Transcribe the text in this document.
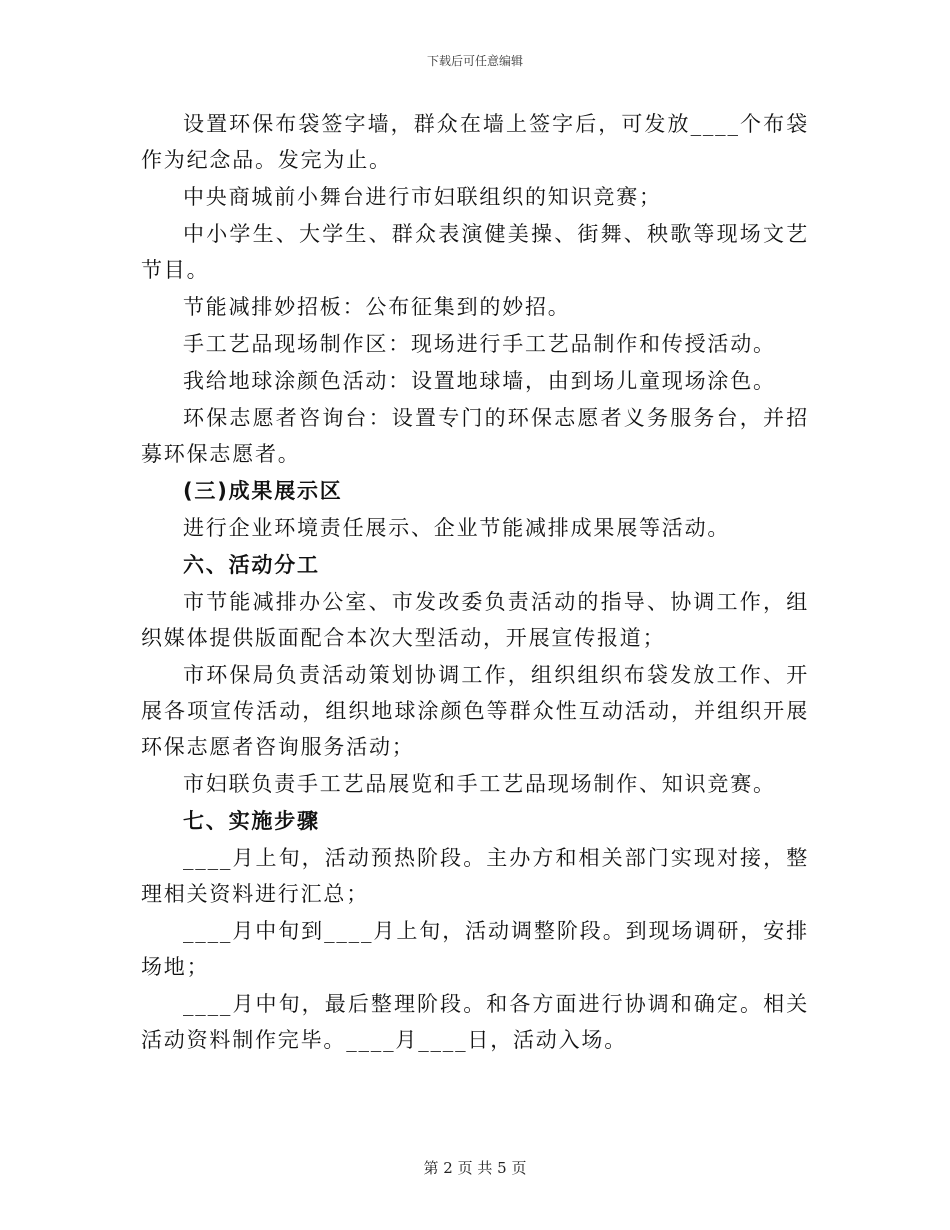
下载后可任意编辑

设置环保布袋签字墙，群众在墙上签字后，可发放____个布袋作为纪念品。发完为止。

中央商城前小舞台进行市妇联组织的知识竞赛；

中小学生、大学生、群众表演健美操、街舞、秧歌等现场文艺节目。

节能减排妙招板：公布征集到的妙招。

手工艺品现场制作区：现场进行手工艺品制作和传授活动。

我给地球涂颜色活动：设置地球墙，由到场儿童现场涂色。

环保志愿者咨询台：设置专门的环保志愿者义务服务台，并招募环保志愿者。

(三)成果展示区

进行企业环境责任展示、企业节能减排成果展等活动。

六、活动分工

市节能减排办公室、市发改委负责活动的指导、协调工作，组织媒体提供版面配合本次大型活动，开展宣传报道；

市环保局负责活动策划协调工作，组织组织布袋发放工作、开展各项宣传活动，组织地球涂颜色等群众性互动活动，并组织开展环保志愿者咨询服务活动；

市妇联负责手工艺品展览和手工艺品现场制作、知识竞赛。

七、实施步骤

____月上旬，活动预热阶段。主办方和相关部门实现对接，整理相关资料进行汇总；

____月中旬到____月上旬，活动调整阶段。到现场调研，安排场地；

____月中旬，最后整理阶段。和各方面进行协调和确定。相关活动资料制作完毕。____月____日，活动入场。

第 2 页 共 5 页
